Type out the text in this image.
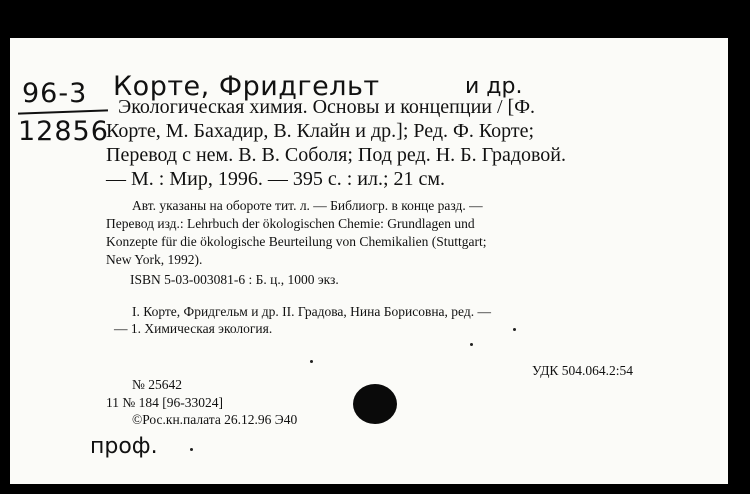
96-3
12856
Корте, Фридгельт	и др.
Экологическая химия. Основы и концепции / [Ф.
Корте, М. Бахадир, В. Клайн и др.]; Ред. Ф. Корте;
Перевод с нем. В. В. Соболя; Под ред. Н. Б. Градовой.
— М. : Мир, 1996. — 395 с. : ил.; 21 см.
Авт. указаны на обороте тит. л. — Библиогр. в конце разд. —
Перевод изд.: Lehrbuch der ökologischen Chemie: Grundlagen und
Konzepte für die ökologische Beurteilung von Chemikalien (Stuttgart;
New York, 1992).
ISBN 5-03-003081-6 : Б. ц., 1000 экз.
I. Корте, Фридгельм и др. II. Градова, Нина Борисовна, ред. —
— 1. Химическая экология.
№ 25642
11 № 184 [96-33024]
©Рос.кн.палата 26.12.96 Э40
УДК 504.064.2:54
проф.
